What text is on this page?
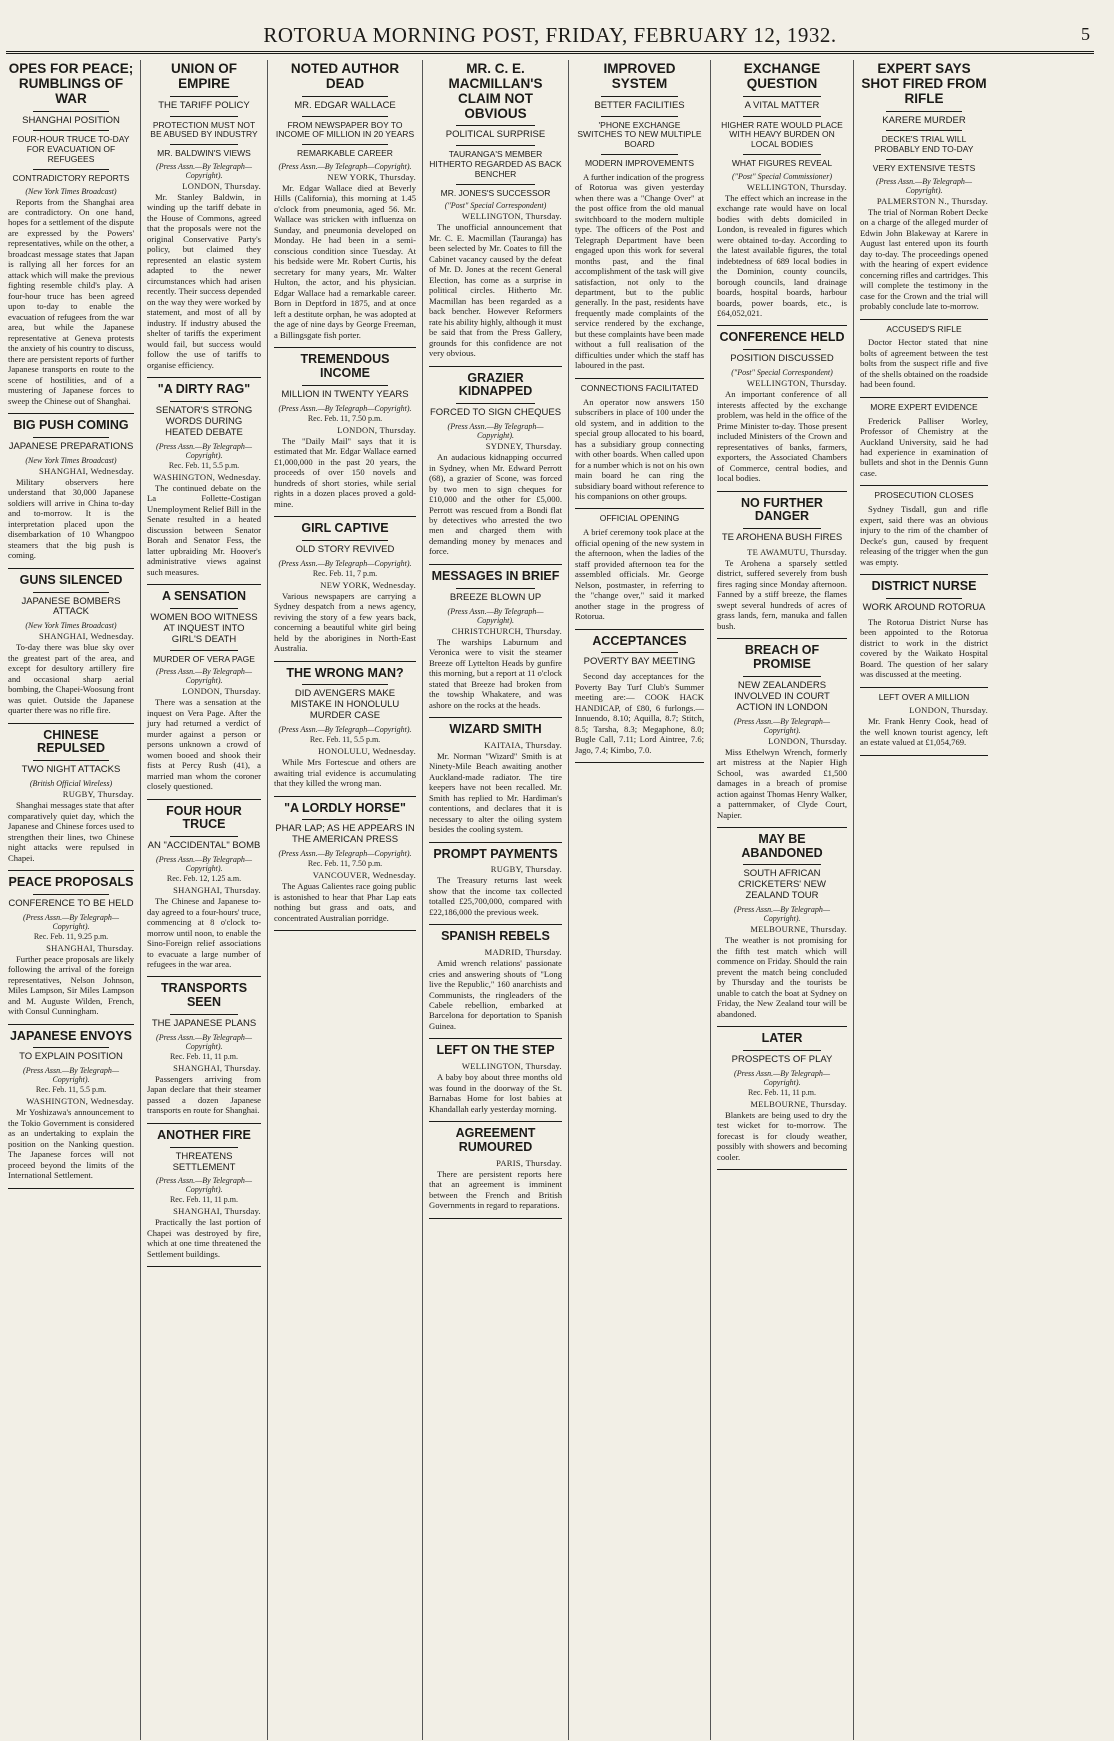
ROTORUA MORNING POST, FRIDAY, FEBRUARY 12, 1932.	5
OPES FOR PEACE; RUMBLINGS OF WAR
SHANGHAI POSITION
FOUR-HOUR TRUCE TO-DAY FOR EVACUATION OF REFUGEES
CONTRADICTORY REPORTS
(New York Times Broadcast)

Reports from the Shanghai area are contradictory. On one hand, hopes for a settlement of the dispute are expressed by the Powers' representatives, while on the other, a broadcast message states that Japan is rallying all her forces for an attack which will make the previous fighting resemble child's play. A four-hour truce has been agreed upon to-day to enable the evacuation of refugees from the war area, but while the Japanese representative at Geneva protests the anxiety of his country to discuss, there are persistent reports of further Japanese transports en route to the scene of hostilities, and of a mustering of Japanese forces to sweep the Chinese out of Shanghai.

BIG PUSH COMING
JAPANESE PREPARATIONS
(New York Times Broadcast)
SHANGHAI, Wednesday.

Military observers here understand that 30,000 Japanese soldiers will arrive in China to-day and to-morrow. It is the interpretation placed upon the disembarkation of 10 Whangpoo steamers that the big push is coming.

GUNS SILENCED
JAPANESE BOMBERS ATTACK
(New York Times Broadcast)
SHANGHAI, Wednesday.

To-day there was blue sky over the greatest part of the area, and except for desultory artillery fire and occasional sharp aerial bombing, the Chapei-Woosung front was quiet. Outside the Japanese quarter there was no rifle fire.

CHINESE REPULSED
TWO NIGHT ATTACKS
(British Official Wireless)
RUGBY, Thursday.

Shanghai messages state that after comparatively quiet day, which the Japanese and Chinese forces used to strengthen their lines, two Chinese night attacks were repulsed in Chapei.

PEACE PROPOSALS
CONFERENCE TO BE HELD
(Press Assn.—By Telegraph—Copyright).
Rec. Feb. 11, 9.25 p.m.
SHANGHAI, Thursday.

Further peace proposals are likely following the arrival of the foreign representatives, Nelson Johnson, Miles Lampson, Sir Miles Lampson and M. Auguste Wilden, French, with Consul Cunningham.

JAPANESE ENVOYS
TO EXPLAIN POSITION
(Press Assn.—By Telegraph—Copyright).
Rec. Feb. 11, 5.5 p.m.
WASHINGTON, Wednesday.

Mr Yoshizawa's announcement to the Tokio Government is considered as an undertaking to explain the position on the Nanking question. The Japanese forces will not proceed beyond the limits of the International Settlement.

UNION OF EMPIRE
THE TARIFF POLICY
PROTECTION MUST NOT BE ABUSED BY INDUSTRY
MR. BALDWIN'S VIEWS
(Press Assn.—By Telegraph—Copyright).
LONDON, Thursday.

Mr. Stanley Baldwin, in winding up the tariff debate in the House of Commons, agreed that the proposals were not the original Conservative Party's policy, but claimed they represented an elastic system adapted to the newer circumstances which had arisen recently. Their success depended on the way they were worked by statement, and most of all by industry. If industry abused the shelter of tariffs the experiment would fail, but success would follow the use of tariffs to organise efficiency.

"A DIRTY RAG"
SENATOR'S STRONG WORDS DURING HEATED DEBATE
(Press Assn.—By Telegraph—Copyright).
Rec. Feb. 11, 5.5 p.m.
WASHINGTON, Wednesday.

The continued debate on the La Follette-Costigan Unemployment Relief Bill in the Senate resulted in a heated discussion between Senator Borah and Senator Fess, the latter upbraiding Mr. Hoover's administrative views against such measures.

A SENSATION
WOMEN BOO WITNESS AT INQUEST INTO GIRL'S DEATH
MURDER OF VERA PAGE
(Press Assn.—By Telegraph—Copyright).
LONDON, Thursday.

There was a sensation at the inquest on Vera Page. After the jury had returned a verdict of murder against a person or persons unknown a crowd of women booed and shook their fists at Percy Rush (41), a married man whom the coroner closely questioned.

FOUR HOUR TRUCE
AN "ACCIDENTAL" BOMB
(Press Assn.—By Telegraph—Copyright).
Rec. Feb. 12, 1.25 a.m.
SHANGHAI, Thursday.

The Chinese and Japanese to-day agreed to a four-hours' truce, commencing at 8 o'clock to-morrow until noon, to enable the Sino-Foreign relief associations to evacuate a large number of refugees in the war area.

TRANSPORTS SEEN
THE JAPANESE PLANS
(Press Assn.—By Telegraph—Copyright).
Rec. Feb. 11, 11 p.m.
SHANGHAI, Thursday.

Passengers arriving from Japan declare that their steamer passed a dozen Japanese transports en route for Shanghai.

ANOTHER FIRE
THREATENS SETTLEMENT
(Press Assn.—By Telegraph—Copyright).
Rec. Feb. 11, 11 p.m.
SHANGHAI, Thursday.

Practically the last portion of Chapei was destroyed by fire, which at one time threatened the Settlement buildings.

NOTED AUTHOR DEAD
MR. EDGAR WALLACE
FROM NEWSPAPER BOY TO INCOME OF MILLION IN 20 YEARS
REMARKABLE CAREER
(Press Assn.—By Telegraph—Copyright).
NEW YORK, Thursday.

Mr. Edgar Wallace died at Beverly Hills (California), this morning at 1.45 o'clock from pneumonia, aged 56. Mr. Wallace was stricken with influenza on Sunday, and pneumonia developed on Monday. He had been in a semi-conscious condition since Tuesday. At his bedside were Mr. Robert Curtis, his secretary for many years, Mr. Walter Hulton, the actor, and his physician. Edgar Wallace had a remarkable career. Born in Deptford in 1875, and at once left a destitute orphan, he was adopted at the age of nine days by George Freeman, a Billingsgate fish porter.

TREMENDOUS INCOME
MILLION IN TWENTY YEARS
(Press Assn.—By Telegraph—Copyright).
Rec. Feb. 11, 7.50 p.m.
LONDON, Thursday.

The "Daily Mail" says that it is estimated that Mr. Edgar Wallace earned £1,000,000 in the past 20 years, the proceeds of over 150 novels and hundreds of short stories, while serial rights in a dozen places proved a gold-mine.

GIRL CAPTIVE
OLD STORY REVIVED
(Press Assn.—By Telegraph—Copyright).
Rec. Feb. 11, 7 p.m.
NEW YORK, Wednesday.

Various newspapers are carrying a Sydney despatch from a news agency, reviving the story of a few years back, concerning a beautiful white girl being held by the aborigines in North-East Australia.

THE WRONG MAN?
DID AVENGERS MAKE MISTAKE IN HONOLULU MURDER CASE
(Press Assn.—By Telegraph—Copyright).
Rec. Feb. 11, 5.5 p.m.
HONOLULU, Wednesday.

While Mrs Fortescue and others are awaiting trial evidence is accumulating that they killed the wrong man.

"A LORDLY HORSE"
PHAR LAP; AS HE APPEARS IN THE AMERICAN PRESS
(Press Assn.—By Telegraph—Copyright).
Rec. Feb. 11, 7.50 p.m.
VANCOUVER, Wednesday.

The Aguas Calientes race going public is astonished to hear that Phar Lap eats nothing but grass and oats, and concentrated Australian porridge.

MR. C. E. MACMILLAN'S CLAIM NOT OBVIOUS
POLITICAL SURPRISE
TAURANGA'S MEMBER HITHERTO REGARDED AS BACK BENCHER
MR. JONES'S SUCCESSOR
("Post" Special Correspondent)
WELLINGTON, Thursday.

The unofficial announcement that Mr. C. E. Macmillan (Tauranga) has been selected by Mr. Coates to fill the Cabinet vacancy caused by the defeat of Mr. D. Jones at the recent General Election, has come as a surprise in political circles. Hitherto Mr. Macmillan has been regarded as a back bencher. However Reformers rate his ability highly, although it must be said that from the Press Gallery, grounds for this confidence are not very obvious.

GRAZIER KIDNAPPED
FORCED TO SIGN CHEQUES
(Press Assn.—By Telegraph—Copyright).
SYDNEY, Thursday.

An audacious kidnapping occurred in Sydney, when Mr. Edward Perrott (68), a grazier of Scone, was forced by two men to sign cheques for £10,000 and the other for £5,000. Perrott was rescued from a Bondi flat by detectives who arrested the two men and charged them with demanding money by menaces and force.

MESSAGES IN BRIEF
BREEZE BLOWN UP
(Press Assn.—By Telegraph—Copyright).
CHRISTCHURCH, Thursday.

The warships Laburnum and Veronica were to visit the steamer Breeze off Lyttelton Heads by gunfire this morning, but a report at 11 o'clock stated that Breeze had broken from the towship Whakatere, and was ashore on the rocks at the heads.

WIZARD SMITH
KAITAIA, Thursday.

Mr. Norman "Wizard" Smith is at Ninety-Mile Beach awaiting another Auckland-made radiator. The tire keepers have not been recalled. Mr. Smith has replied to Mr. Hardiman's contentions, and declares that it is necessary to alter the oiling system besides the cooling system.

PROMPT PAYMENTS
RUGBY, Thursday.

The Treasury returns last week show that the income tax collected totalled £25,700,000, compared with £22,186,000 the previous week.

SPANISH REBELS
MADRID, Thursday.

Amid wrench relations' passionate cries and answering shouts of "Long live the Republic," 160 anarchists and Communists, the ringleaders of the Cabele rebellion, embarked at Barcelona for deportation to Spanish Guinea.

LEFT ON THE STEP
WELLINGTON, Thursday.

A baby boy about three months old was found in the doorway of the St. Barnabas Home for lost babies at Khandallah early yesterday morning.

AGREEMENT RUMOURED
PARIS, Thursday.

There are persistent reports here that an agreement is imminent between the French and British Governments in regard to reparations.

IMPROVED SYSTEM
BETTER FACILITIES
'PHONE EXCHANGE SWITCHES TO NEW MULTIPLE BOARD
MODERN IMPROVEMENTS

A further indication of the progress of Rotorua was given yesterday when there was a "Change Over" at the post office from the old manual switchboard to the modern multiple type. The officers of the Post and Telegraph Department have been engaged upon this work for several months past, and the final accomplishment of the task will give satisfaction, not only to the department, but to the public generally. In the past, residents have frequently made complaints of the service rendered by the exchange, but these complaints have been made without a full realisation of the difficulties under which the staff has laboured in the past.

CONNECTIONS FACILITATED

An operator now answers 150 subscribers in place of 100 under the old system, and in addition to the special group allocated to his board, has a subsidiary group connecting with other boards. When called upon for a number which is not on his own main board he can ring the subsidiary board without reference to his companions on other groups.

OFFICIAL OPENING

A brief ceremony took place at the official opening of the new system in the afternoon, when the ladies of the staff provided afternoon tea for the assembled officials. Mr. George Nelson, postmaster, in referring to the "change over," said it marked another stage in the progress of Rotorua.

ACCEPTANCES
POVERTY BAY MEETING

Second day acceptances for the Poverty Bay Turf Club's Summer meeting are:— COOK HACK HANDICAP, of £80, 6 furlongs.—Innuendo, 8.10; Aquilla, 8.7; Stitch, 8.5; Tarsha, 8.3; Megaphone, 8.0; Bugle Call, 7.11; Lord Aintree, 7.6; Jago, 7.4; Kimbo, 7.0.

EXCHANGE QUESTION
A VITAL MATTER
HIGHER RATE WOULD PLACE WITH HEAVY BURDEN ON LOCAL BODIES
WHAT FIGURES REVEAL
("Post" Special Commissioner)
WELLINGTON, Thursday.

The effect which an increase in the exchange rate would have on local bodies with debts domiciled in London, is revealed in figures which were obtained to-day. According to the latest available figures, the total indebtedness of 689 local bodies in the Dominion, county councils, borough councils, land drainage boards, hospital boards, harbour boards, power boards, etc., is £64,052,021.

CONFERENCE HELD
POSITION DISCUSSED
("Post" Special Correspondent)
WELLINGTON, Thursday.

An important conference of all interests affected by the exchange problem, was held in the office of the Prime Minister to-day. Those present included Ministers of the Crown and representatives of banks, farmers, exporters, the Associated Chambers of Commerce, central bodies, and local bodies.

NO FURTHER DANGER
TE AROHENA BUSH FIRES
TE AWAMUTU, Thursday.

Te Arohena a sparsely settled district, suffered severely from bush fires raging since Monday afternoon. Fanned by a stiff breeze, the flames swept several hundreds of acres of grass lands, fern, manuka and fallen bush.

BREACH OF PROMISE
NEW ZEALANDERS INVOLVED IN COURT ACTION IN LONDON
(Press Assn.—By Telegraph—Copyright).
LONDON, Thursday.

Miss Ethelwyn Wrench, formerly art mistress at the Napier High School, was awarded £1,500 damages in a breach of promise action against Thomas Henry Walker, a patternmaker, of Clyde Court, Napier.

MAY BE ABANDONED
SOUTH AFRICAN CRICKETERS' NEW ZEALAND TOUR
(Press Assn.—By Telegraph—Copyright).
MELBOURNE, Thursday.

The weather is not promising for the fifth test match which will commence on Friday. Should the rain prevent the match being concluded by Thursday and the tourists be unable to catch the boat at Sydney on Friday, the New Zealand tour will be abandoned.

LATER
PROSPECTS OF PLAY
(Press Assn.—By Telegraph—Copyright).
Rec. Feb. 11, 11 p.m.
MELBOURNE, Thursday.

Blankets are being used to dry the test wicket for to-morrow. The forecast is for cloudy weather, possibly with showers and becoming cooler.

EXPERT SAYS SHOT FIRED FROM RIFLE
KARERE MURDER
DECKE'S TRIAL WILL PROBABLY END TO-DAY
VERY EXTENSIVE TESTS
(Press Assn.—By Telegraph—Copyright).
PALMERSTON N., Thursday.

The trial of Norman Robert Decke on a charge of the alleged murder of Edwin John Blakeway at Karere in August last entered upon its fourth day to-day. The proceedings opened with the hearing of expert evidence concerning rifles and cartridges. This will complete the testimony in the case for the Crown and the trial will probably conclude late to-morrow.

ACCUSED'S RIFLE

Doctor Hector stated that nine bolts of agreement between the test bolts from the suspect rifle and five of the shells obtained on the roadside had been found.

MORE EXPERT EVIDENCE

Frederick Palliser Worley, Professor of Chemistry at the Auckland University, said he had had experience in examination of bullets and shot in the Dennis Gunn case.

PROSECUTION CLOSES

Sydney Tisdall, gun and rifle expert, said there was an obvious injury to the rim of the chamber of Decke's gun, caused by frequent releasing of the trigger when the gun was empty.

DISTRICT NURSE
WORK AROUND ROTORUA

The Rotorua District Nurse has been appointed to the Rotorua district to work in the district covered by the Waikato Hospital Board. The question of her salary was discussed at the meeting.

LEFT OVER A MILLION
LONDON, Thursday.

Mr. Frank Henry Cook, head of the well known tourist agency, left an estate valued at £1,054,769.
